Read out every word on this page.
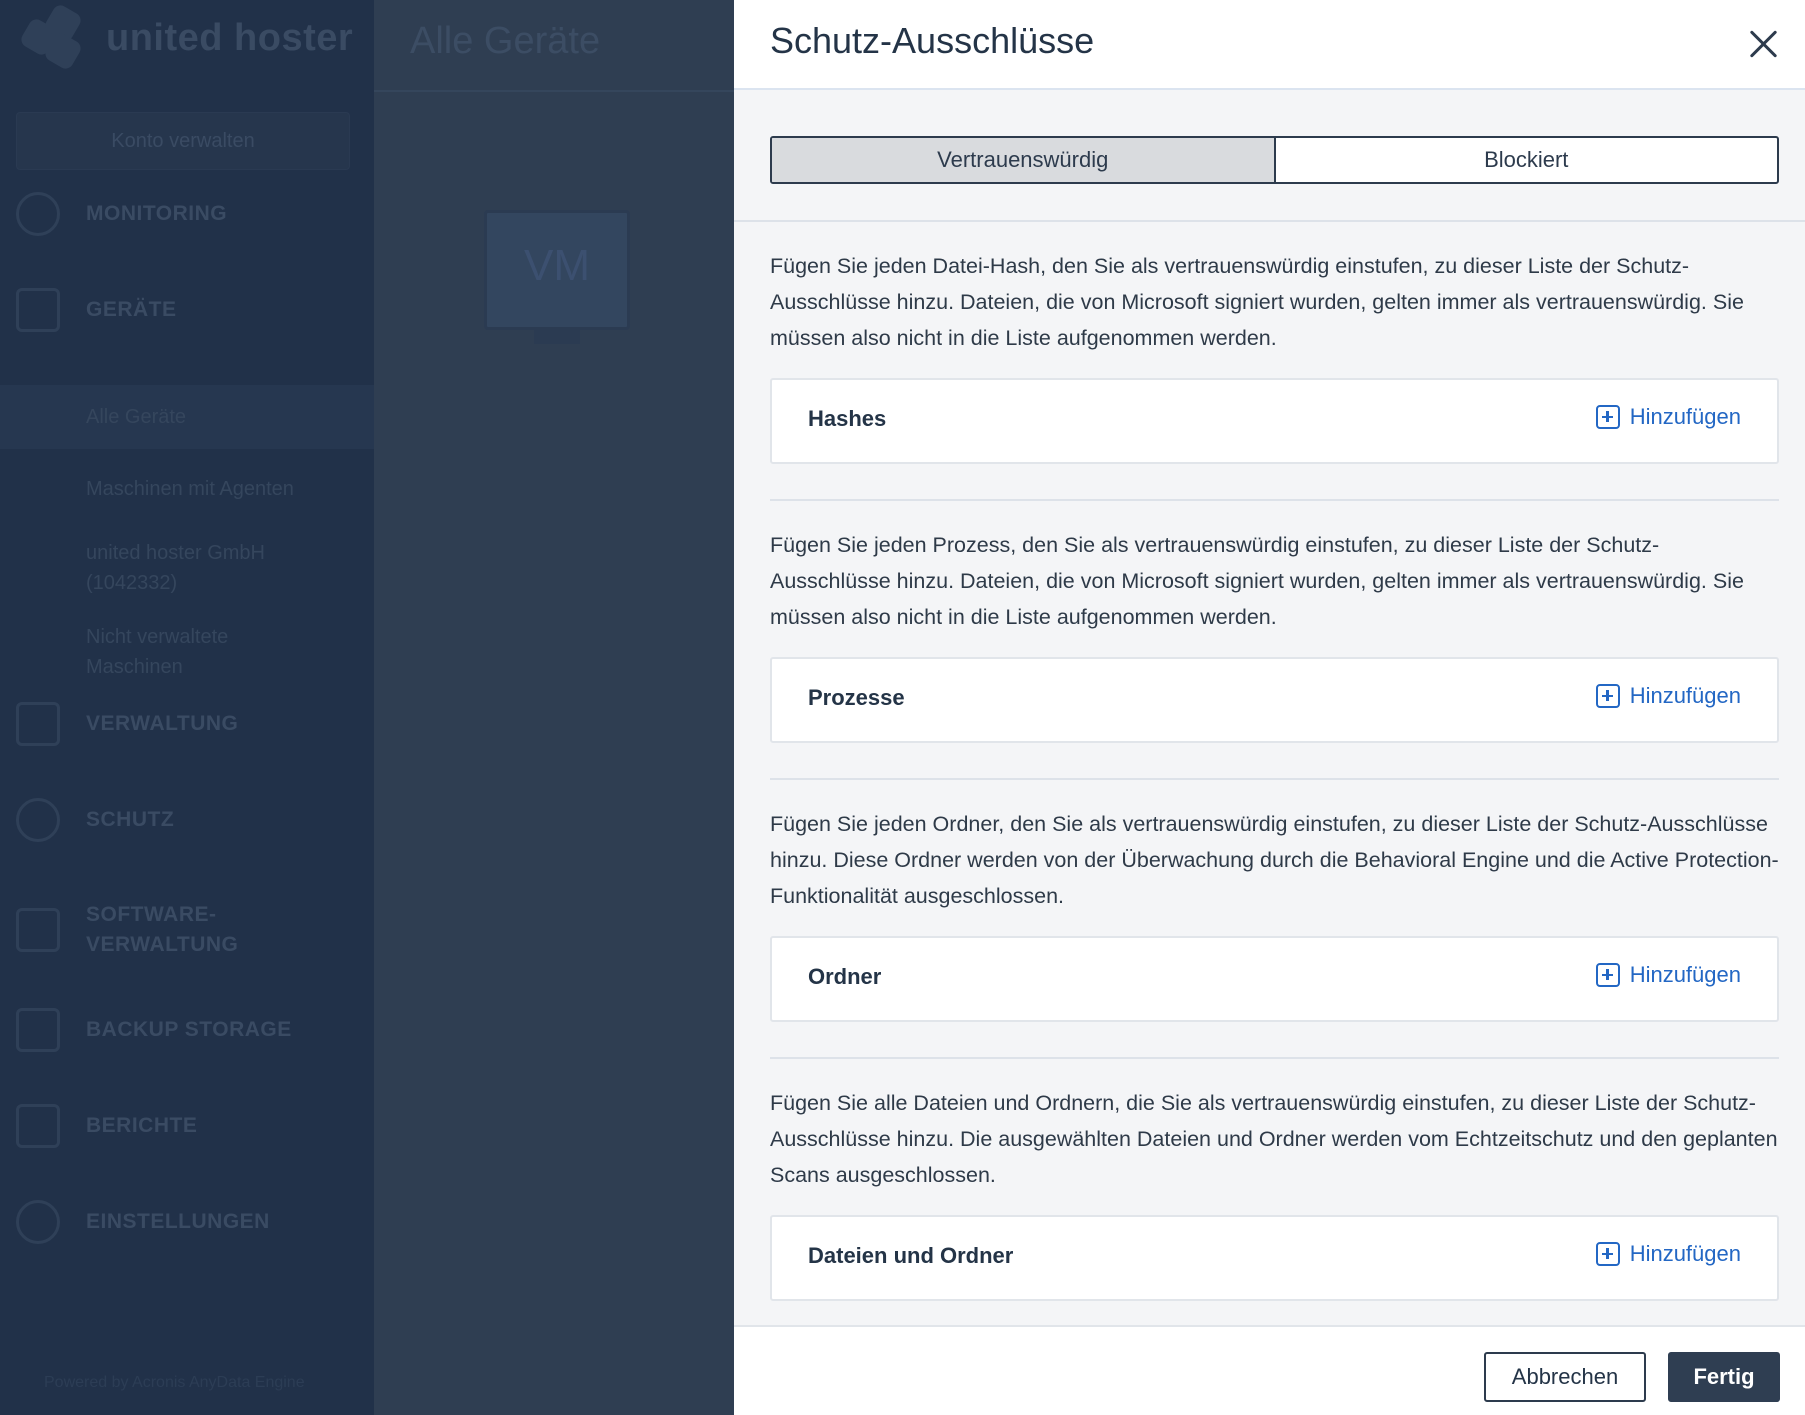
united hoster
Konto verwalten
MONITORING
GERÄTE
Alle Geräte
Maschinen mit Agenten
united hoster GmbH (1042332)
Nicht verwaltete Maschinen
VERWALTUNG
SCHUTZ
SOFTWARE-VERWALTUNG
BACKUP STORAGE
BERICHTE
EINSTELLUNGEN
Powered by Acronis AnyData Engine
Alle Geräte
VM
Schutz-Ausschlüsse
Vertrauenswürdig	Blockiert

Fügen Sie jeden Datei-Hash, den Sie als vertrauenswürdig einstufen, zu dieser Liste der Schutz-Ausschlüsse hinzu. Dateien, die von Microsoft signiert wurden, gelten immer als vertrauenswürdig. Sie müssen also nicht in die Liste aufgenommen werden.

Hashes	Hinzufügen

Fügen Sie jeden Prozess, den Sie als vertrauenswürdig einstufen, zu dieser Liste der Schutz-Ausschlüsse hinzu. Dateien, die von Microsoft signiert wurden, gelten immer als vertrauenswürdig. Sie müssen also nicht in die Liste aufgenommen werden.

Prozesse	Hinzufügen

Fügen Sie jeden Ordner, den Sie als vertrauenswürdig einstufen, zu dieser Liste der Schutz-Ausschlüsse hinzu. Diese Ordner werden von der Überwachung durch die Behavioral Engine und die Active Protection-Funktionalität ausgeschlossen.

Ordner	Hinzufügen

Fügen Sie alle Dateien und Ordnern, die Sie als vertrauenswürdig einstufen, zu dieser Liste der Schutz-Ausschlüsse hinzu. Die ausgewählten Dateien und Ordner werden vom Echtzeitschutz und den geplanten Scans ausgeschlossen.

Dateien und Ordner	Hinzufügen
Abbrechen	Fertig
